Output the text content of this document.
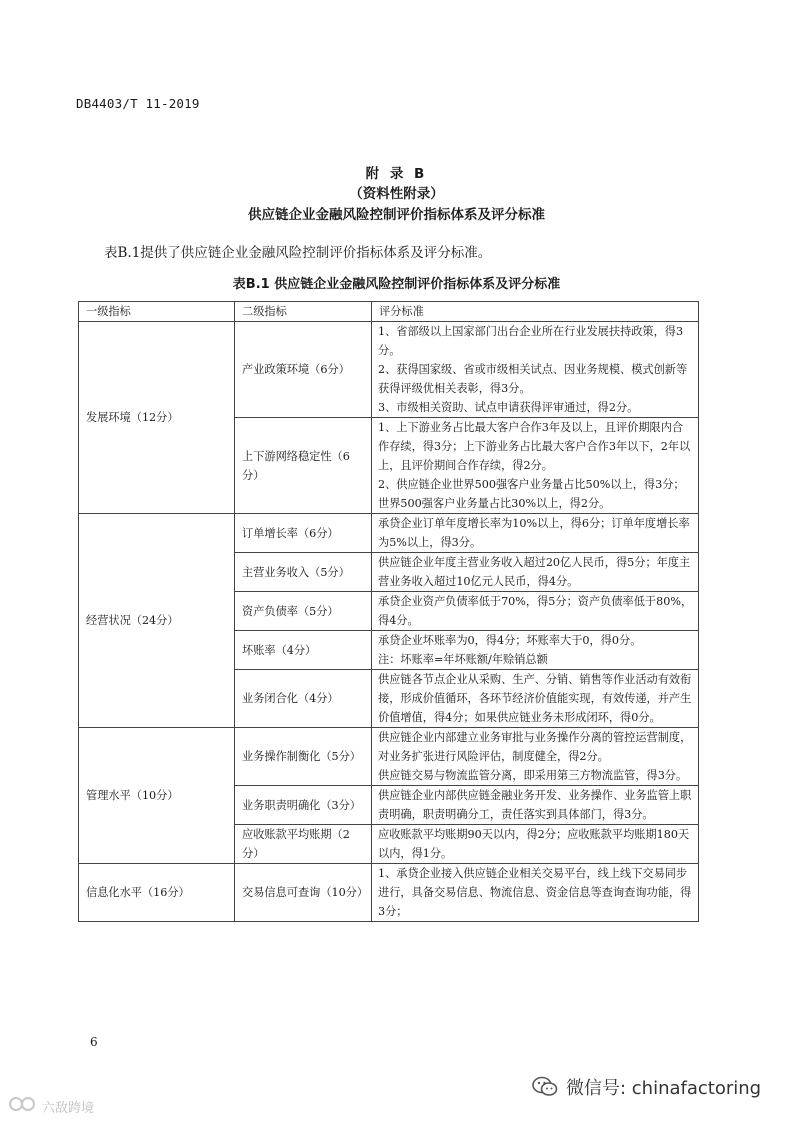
DB4403/T 11-2019
附 录 B
（资料性附录）
供应链企业金融风险控制评价指标体系及评分标准
表B.1提供了供应链企业金融风险控制评价指标体系及评分标准。
表B.1 供应链企业金融风险控制评价指标体系及评分标准
一级指标	二级指标	评分标准
发展环境（12分）	产业政策环境（6分）	1、省部级以上国家部门出台企业所在行业发展扶持政策，得3分。
2、获得国家级、省或市级相关试点、因业务规模、模式创新等获得评级优相关表彰，得3分。
3、市级相关资助、试点申请获得评审通过，得2分。

	上下游网络稳定性（6分）	1、上下游业务占比最大客户合作3年及以上，且评价期限内合作存续，得3分；上下游业务占比最大客户合作3年以下，2年以上，且评价期间合作存续，得2分。
2、供应链企业世界500强客户业务量占比50%以上，得3分；世界500强客户业务量占比30%以上，得2分。

经营状况（24分）	订单增长率（6分）	承贷企业订单年度增长率为10%以上，得6分；订单年度增长率为5%以上，得3分。

	主营业务收入（5分）	供应链企业年度主营业务收入超过20亿人民币，得5分；年度主营业务收入超过10亿元人民币，得4分。

	资产负债率（5分）	承贷企业资产负债率低于70%，得5分；资产负债率低于80%，得4分。

	坏账率（4分）	承贷企业坏账率为0，得4分；坏账率大于0，得0分。
注：坏账率=年坏账额/年赊销总额

	业务闭合化（4分）	供应链各节点企业从采购、生产、分销、销售等作业活动有效衔接，形成价值循环，各环节经济价值能实现，有效传递，并产生价值增值，得4分；如果供应链业务未形成闭环，得0分。

管理水平（10分）	业务操作制衡化（5分）	供应链企业内部建立业务审批与业务操作分离的管控运营制度，对业务扩张进行风险评估，制度健全，得2分。
供应链交易与物流监管分离，即采用第三方物流监管，得3分。

	业务职责明确化（3分）	供应链企业内部供应链金融业务开发、业务操作、业务监管上职责明确，职责明确分工，责任落实到具体部门，得3分。

	应收账款平均账期（2分）	应收账款平均账期90天以内，得2分；应收账款平均账期180天以内，得1分。

信息化水平（16分）	交易信息可查询（10分）	1、承贷企业接入供应链企业相关交易平台，线上线下交易同步进行，具备交易信息、物流信息、资金信息等查询查询功能，得3分；
6
微信号: chinafactoring
六敌跨境
